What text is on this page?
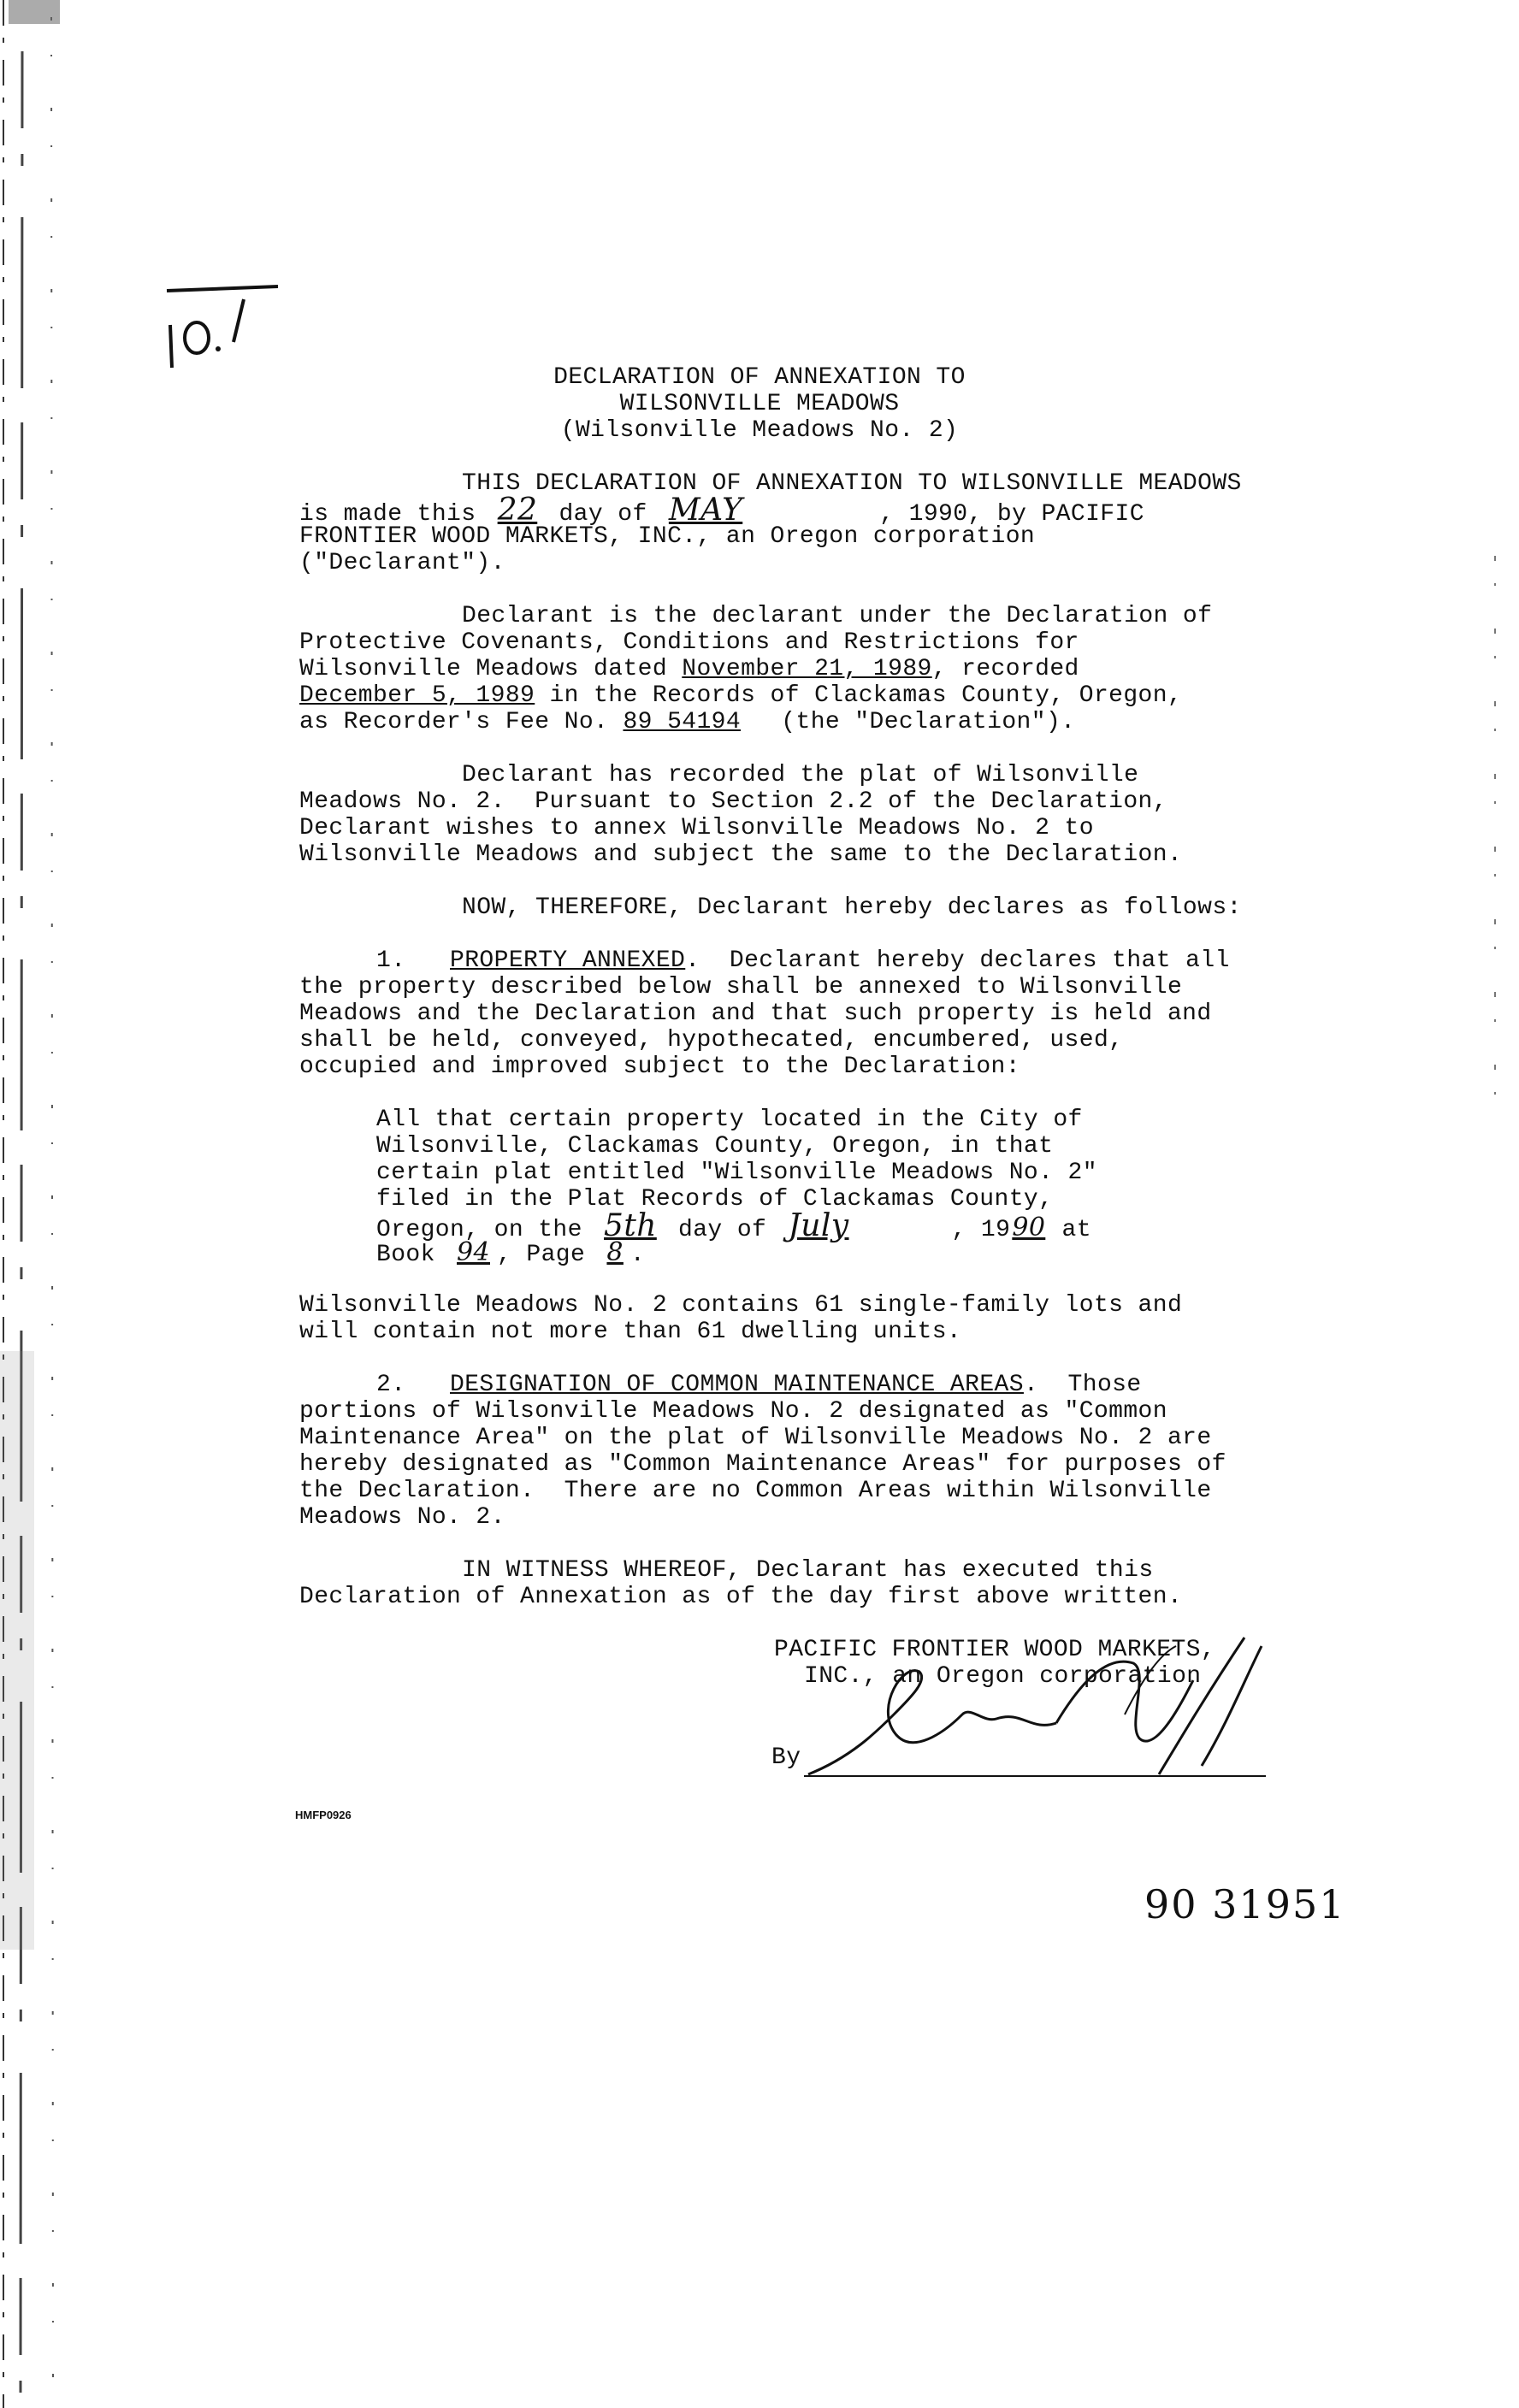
DECLARATION OF ANNEXATION TO
WILSONVILLE MEADOWS
(Wilsonville Meadows No. 2)
THIS DECLARATION OF ANNEXATION TO WILSONVILLE MEADOWS
is made this 22 day of MAY	, 1990, by PACIFIC
FRONTIER WOOD MARKETS, INC., an Oregon corporation
("Declarant").
Declarant is the declarant under the Declaration of
Protective Covenants, Conditions and Restrictions for
Wilsonville Meadows dated November 21, 1989, recorded
December 5, 1989 in the Records of Clackamas County, Oregon,
as Recorder's Fee No. 89 54194 (the "Declaration").
Declarant has recorded the plat of Wilsonville
Meadows No. 2.  Pursuant to Section 2.2 of the Declaration,
Declarant wishes to annex Wilsonville Meadows No. 2 to
Wilsonville Meadows and subject the same to the Declaration.
NOW, THEREFORE, Declarant hereby declares as follows:
1. PROPERTY ANNEXED.  Declarant hereby declares that all
the property described below shall be annexed to Wilsonville
Meadows and the Declaration and that such property is held and
shall be held, conveyed, hypothecated, encumbered, used,
occupied and improved subject to the Declaration:
All that certain property located in the City of
Wilsonville, Clackamas County, Oregon, in that
certain plat entitled "Wilsonville Meadows No. 2"
filed in the Plat Records of Clackamas County,
Oregon, on the 5th day of July	, 1990 at
Book 94 , Page 8 .
Wilsonville Meadows No. 2 contains 61 single-family lots and
will contain not more than 61 dwelling units.
2. DESIGNATION OF COMMON MAINTENANCE AREAS.  Those
portions of Wilsonville Meadows No. 2 designated as "Common
Maintenance Area" on the plat of Wilsonville Meadows No. 2 are
hereby designated as "Common Maintenance Areas" for purposes of
the Declaration.  There are no Common Areas within Wilsonville
Meadows No. 2.
IN WITNESS WHEREOF, Declarant has executed this
Declaration of Annexation as of the day first above written.
PACIFIC FRONTIER WOOD MARKETS,
INC., an Oregon corporation
By
HMFP0926
90 31951
